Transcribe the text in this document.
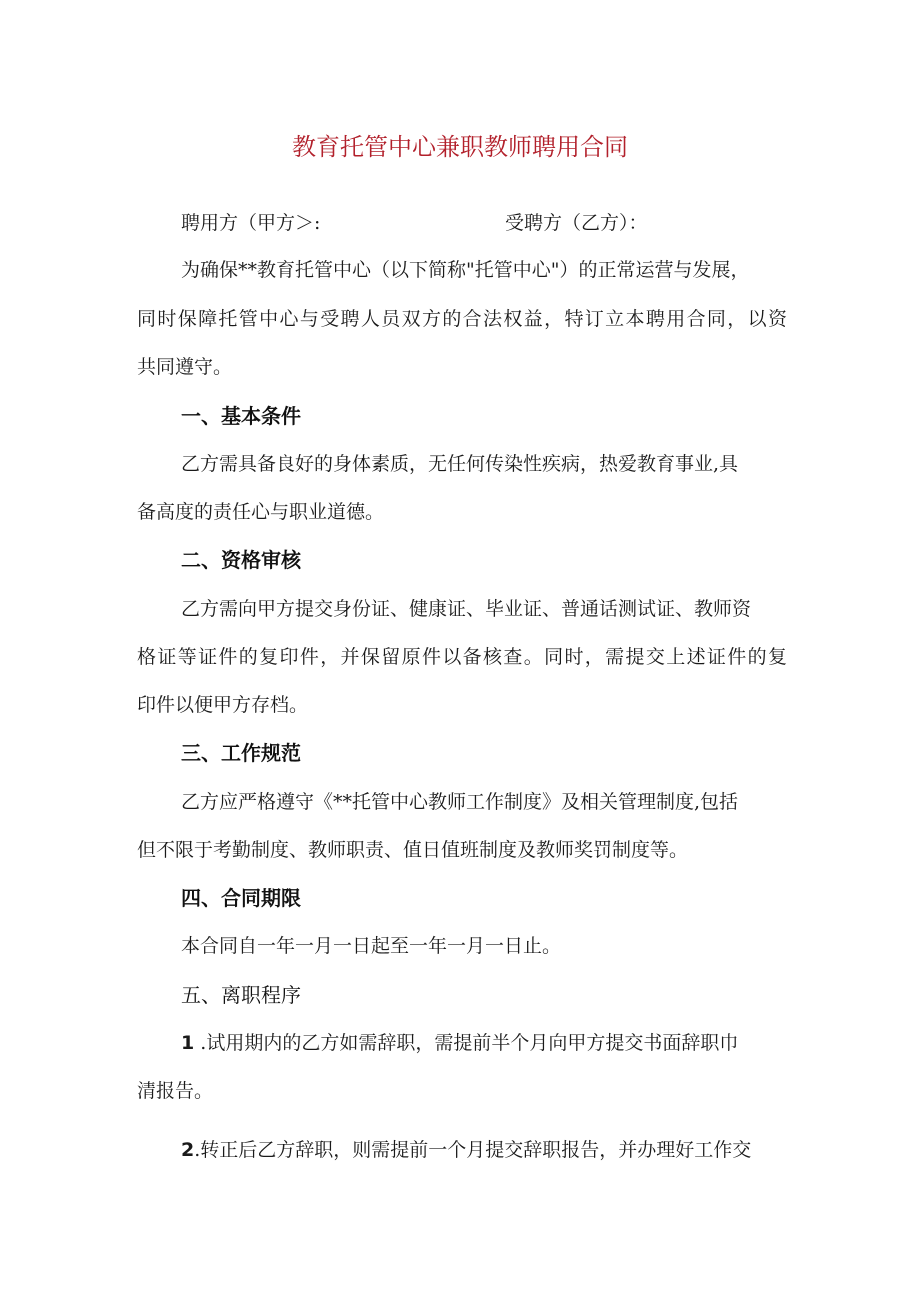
教育托管中心兼职教师聘用合同
聘用方（甲方＞:	受聘方（乙方）：
为确保**教育托管中心（以下简称"托管中心"）的正常运营与发展，
同时保障托管中心与受聘人员双方的合法权益，特订立本聘用合同，以资
共同遵守。
一、基本条件
乙方需具备良好的身体素质，无任何传染性疾病，热爱教育事业,具
备高度的责任心与职业道德。
二、资格审核
乙方需向甲方提交身份证、健康证、毕业证、普通话测试证、教师资
格证等证件的复印件，并保留原件以备核查。同时，需提交上述证件的复
印件以便甲方存档。
三、工作规范
乙方应严格遵守《**托管中心教师工作制度》及相关管理制度,包括
但不限于考勤制度、教师职责、值日值班制度及教师奖罚制度等。
四、合同期限
本合同自一年一月一日起至一年一月一日止。
五、离职程序
1 .试用期内的乙方如需辞职，需提前半个月向甲方提交书面辞职巾
清报告。
2.转正后乙方辞职，则需提前一个月提交辞职报告，并办理好工作交
